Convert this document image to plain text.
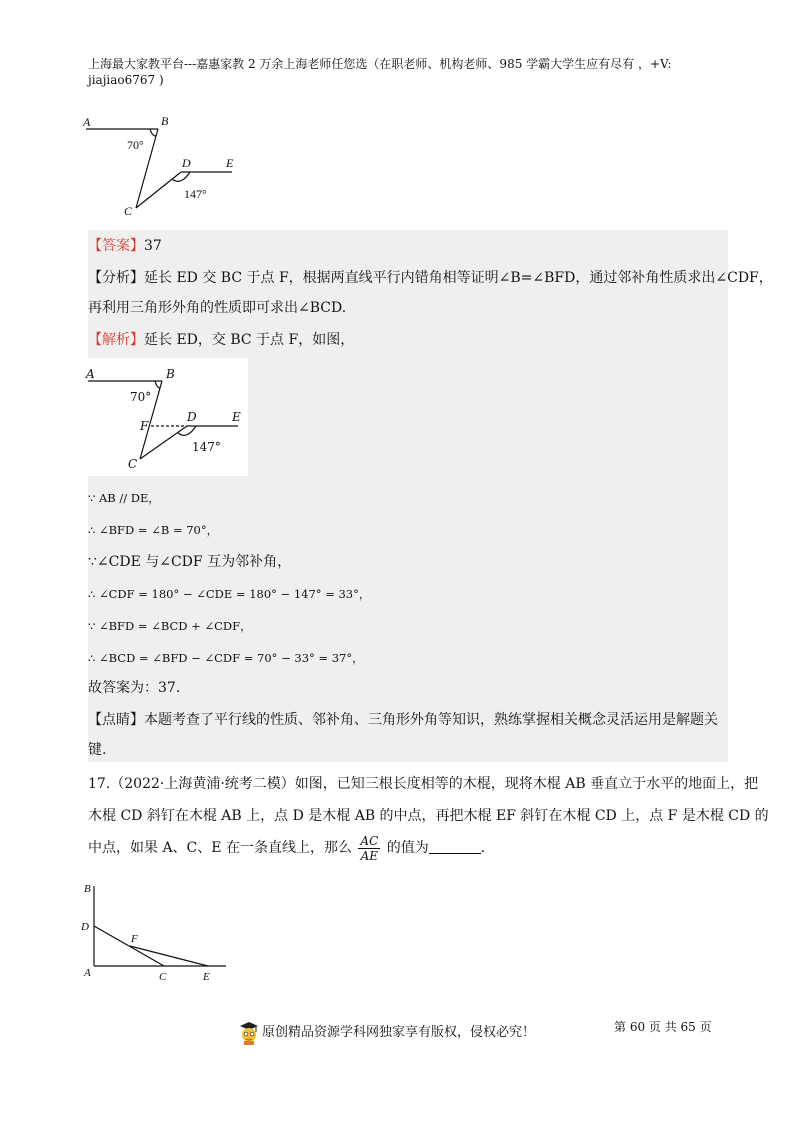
上海最大家教平台---嘉惠家教 2 万余上海老师任您选（在职老师、机构老师、985 学霸大学生应有尽有 ，+V:
jiajiao6767 )
A	B
C
D	E
70°
147°
【答案】37
【分析】延长 ED 交 BC 于点 F，根据两直线平行内错角相等证明∠B=∠BFD，通过邻补角性质求出∠CDF，
再利用三角形外角的性质即可求出∠BCD.
【解析】延长 ED，交 BC 于点 F，如图，
A	B
C
D	E
F
70°
147°
∵ AB // DE，
∴ ∠BFD = ∠B = 70°，
∵∠CDE 与∠CDF 互为邻补角，
∴ ∠CDF = 180° − ∠CDE = 180° − 147° = 33°，
∵ ∠BFD = ∠BCD + ∠CDF，
∴ ∠BCD = ∠BFD − ∠CDF = 70° − 33° = 37°，
故答案为：37.
【点睛】本题考查了平行线的性质、邻补角、三角形外角等知识，熟练掌握相关概念灵活运用是解题关
键.
17.（2022·上海黄浦·统考二模）如图，已知三根长度相等的木棍，现将木棍 AB 垂直立于水平的地面上，把
木棍 CD 斜钉在木棍 AB 上，点 D 是木棍 AB 的中点，再把木棍 EF 斜钉在木棍 CD 上，点 F 是木棍 CD 的
中点，如果 A、C、E 在一条直线上，那么 $\frac{AC}{AE}$ 的值为	.
B
D
F
A	C	E
原创精品资源学科网独家享有版权，侵权必究！	第 60 页 共 65 页
